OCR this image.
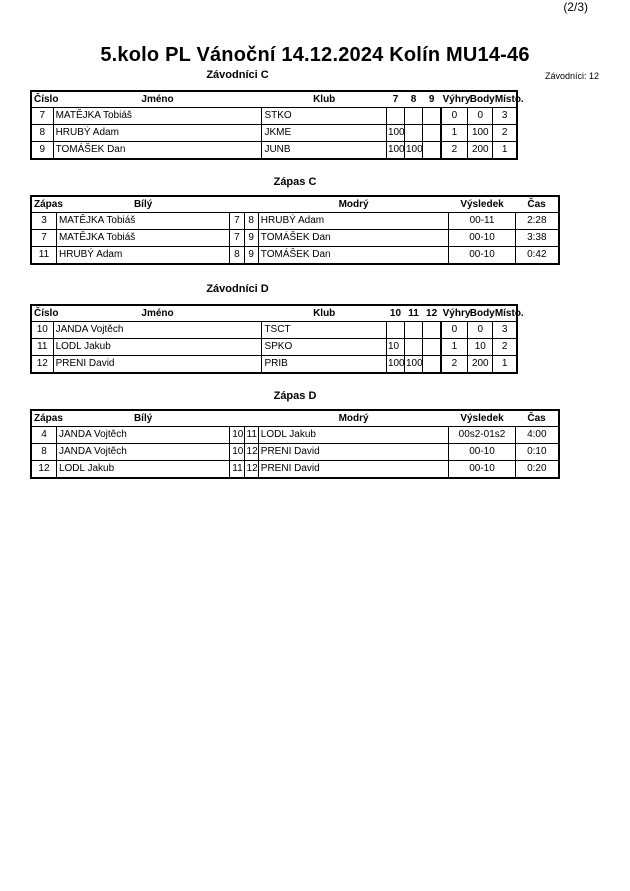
(2/3)
5.kolo PL Vánoční 14.12.2024 Kolín MU14-46
Závodníci: 12
Závodníci C
Číslo	Jméno	Klub	7	8	9	Výhry	Body	Místo.
7	MATĚJKA Tobiáš	STKO				0	0	3
8	HRUBÝ Adam	JKME	100			1	100	2
9	TOMÁŠEK Dan	JUNB	100	100		2	200	1
Zápas C
Zápas	Bílý			Modrý	Výsledek	Čas
3	MATĚJKA Tobiáš	7	8	HRUBÝ Adam	00-11	2:28
7	MATĚJKA Tobiáš	7	9	TOMÁŠEK Dan	00-10	3:38
11	HRUBÝ Adam	8	9	TOMÁŠEK Dan	00-10	0:42
Závodníci D
Číslo	Jméno	Klub	10	11	12	Výhry	Body	Místo.
10	JANDA Vojtěch	TSCT				0	0	3
11	LODL Jakub	SPKO	10			1	10	2
12	PRENI David	PRIB	100	100		2	200	1
Zápas D
Zápas	Bílý			Modrý	Výsledek	Čas
4	JANDA Vojtěch	10	11	LODL Jakub	00s2-01s2	4:00
8	JANDA Vojtěch	10	12	PRENI David	00-10	0:10
12	LODL Jakub	11	12	PRENI David	00-10	0:20
